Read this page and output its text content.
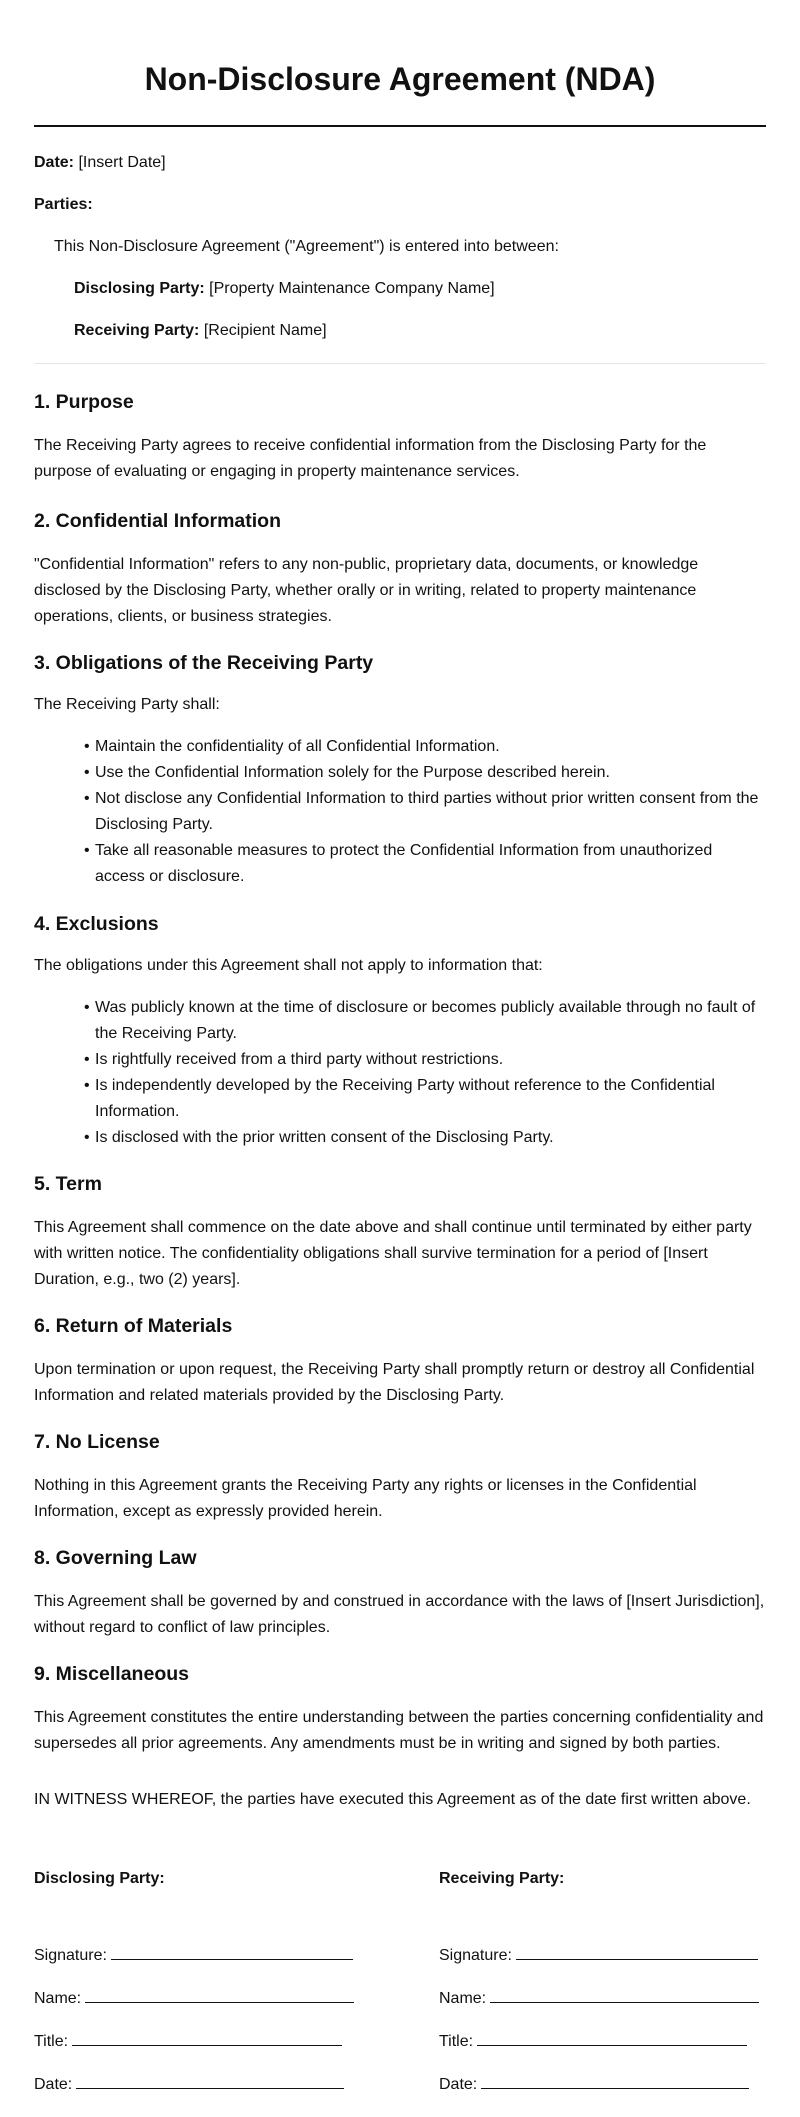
Non-Disclosure Agreement (NDA)

Date: [Insert Date]

Parties:

This Non-Disclosure Agreement ("Agreement") is entered into between:

Disclosing Party: [Property Maintenance Company Name]

Receiving Party: [Recipient Name]

1. Purpose

The Receiving Party agrees to receive confidential information from the Disclosing Party for the purpose of evaluating or engaging in property maintenance services.

2. Confidential Information

"Confidential Information" refers to any non-public, proprietary data, documents, or knowledge disclosed by the Disclosing Party, whether orally or in writing, related to property maintenance operations, clients, or business strategies.

3. Obligations of the Receiving Party

The Receiving Party shall:

• Maintain the confidentiality of all Confidential Information.
• Use the Confidential Information solely for the Purpose described herein.
• Not disclose any Confidential Information to third parties without prior written consent from the Disclosing Party.
• Take all reasonable measures to protect the Confidential Information from unauthorized access or disclosure.
4. Exclusions

The obligations under this Agreement shall not apply to information that:

• Was publicly known at the time of disclosure or becomes publicly available through no fault of the Receiving Party.
• Is rightfully received from a third party without restrictions.
• Is independently developed by the Receiving Party without reference to the Confidential Information.
• Is disclosed with the prior written consent of the Disclosing Party.
5. Term

This Agreement shall commence on the date above and shall continue until terminated by either party with written notice. The confidentiality obligations shall survive termination for a period of [Insert Duration, e.g., two (2) years].

6. Return of Materials

Upon termination or upon request, the Receiving Party shall promptly return or destroy all Confidential Information and related materials provided by the Disclosing Party.

7. No License

Nothing in this Agreement grants the Receiving Party any rights or licenses in the Confidential Information, except as expressly provided herein.

8. Governing Law

This Agreement shall be governed by and construed in accordance with the laws of [Insert Jurisdiction], without regard to conflict of law principles.

9. Miscellaneous

This Agreement constitutes the entire understanding between the parties concerning confidentiality and supersedes all prior agreements. Any amendments must be in writing and signed by both parties.

IN WITNESS WHEREOF, the parties have executed this Agreement as of the date first written above.

Disclosing Party:

Signature:

Name:

Title:

Date:

Receiving Party:

Signature:

Name:

Title:

Date:
